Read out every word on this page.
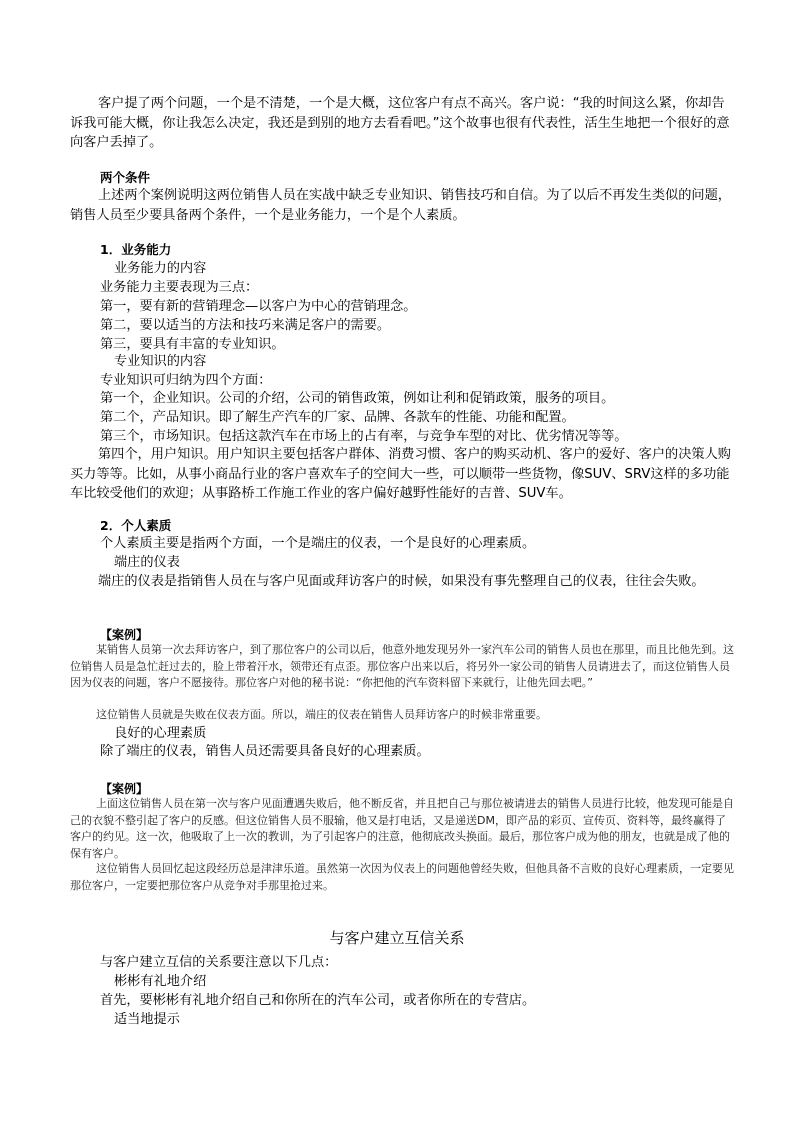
客户提了两个问题，一个是不清楚，一个是大概，这位客户有点不高兴。客户说：“我的时间这么紧，你却告诉我可能大概，你让我怎么决定，我还是到别的地方去看看吧。”这个故事也很有代表性，活生生地把一个很好的意向客户丢掉了。

两个条件

上述两个案例说明这两位销售人员在实战中缺乏专业知识、销售技巧和自信。为了以后不再发生类似的问题，销售人员至少要具备两个条件，一个是业务能力，一个是个人素质。

1．业务能力

业务能力的内容

业务能力主要表现为三点：

第一，要有新的营销理念—以客户为中心的营销理念。

第二，要以适当的方法和技巧来满足客户的需要。

第三，要具有丰富的专业知识。

专业知识的内容

专业知识可归纳为四个方面：

第一个，企业知识。公司的介绍，公司的销售政策，例如让利和促销政策，服务的项目。

第二个，产品知识。即了解生产汽车的厂家、品牌、各款车的性能、功能和配置。

第三个，市场知识。包括这款汽车在市场上的占有率，与竞争车型的对比、优劣情况等等。

第四个，用户知识。用户知识主要包括客户群体、消费习惯、客户的购买动机、客户的爱好、客户的决策人购买力等等。比如，从事小商品行业的客户喜欢车子的空间大一些，可以顺带一些货物，像SUV、SRV这样的多功能车比较受他们的欢迎；从事路桥工作施工作业的客户偏好越野性能好的吉普、SUV车。

2．个人素质

个人素质主要是指两个方面，一个是端庄的仪表，一个是良好的心理素质。

端庄的仪表

端庄的仪表是指销售人员在与客户见面或拜访客户的时候，如果没有事先整理自己的仪表，往往会失败。

【案例】

某销售人员第一次去拜访客户，到了那位客户的公司以后，他意外地发现另外一家汽车公司的销售人员也在那里，而且比他先到。这位销售人员是急忙赶过去的，脸上带着汗水，领带还有点歪。那位客户出来以后，将另外一家公司的销售人员请进去了，而这位销售人员因为仪表的问题，客户不愿接待。那位客户对他的秘书说：“你把他的汽车资料留下来就行，让他先回去吧。”

这位销售人员就是失败在仪表方面。所以，端庄的仪表在销售人员拜访客户的时候非常重要。

良好的心理素质

除了端庄的仪表，销售人员还需要具备良好的心理素质。

【案例】

上面这位销售人员在第一次与客户见面遭遇失败后，他不断反省，并且把自己与那位被请进去的销售人员进行比较，他发现可能是自己的衣貌不整引起了客户的反感。但这位销售人员不服输，他又是打电话，又是递送DM，即产品的彩页、宣传页、资料等，最终赢得了客户的约见。这一次，他吸取了上一次的教训，为了引起客户的注意，他彻底改头换面。最后，那位客户成为他的朋友，也就是成了他的保有客户。

这位销售人员回忆起这段经历总是津津乐道。虽然第一次因为仪表上的问题他曾经失败，但他具备不言败的良好心理素质，一定要见那位客户，一定要把那位客户从竞争对手那里抢过来。

与客户建立互信关系

与客户建立互信的关系要注意以下几点：

彬彬有礼地介绍

首先，要彬彬有礼地介绍自己和你所在的汽车公司，或者你所在的专营店。

适当地提示
